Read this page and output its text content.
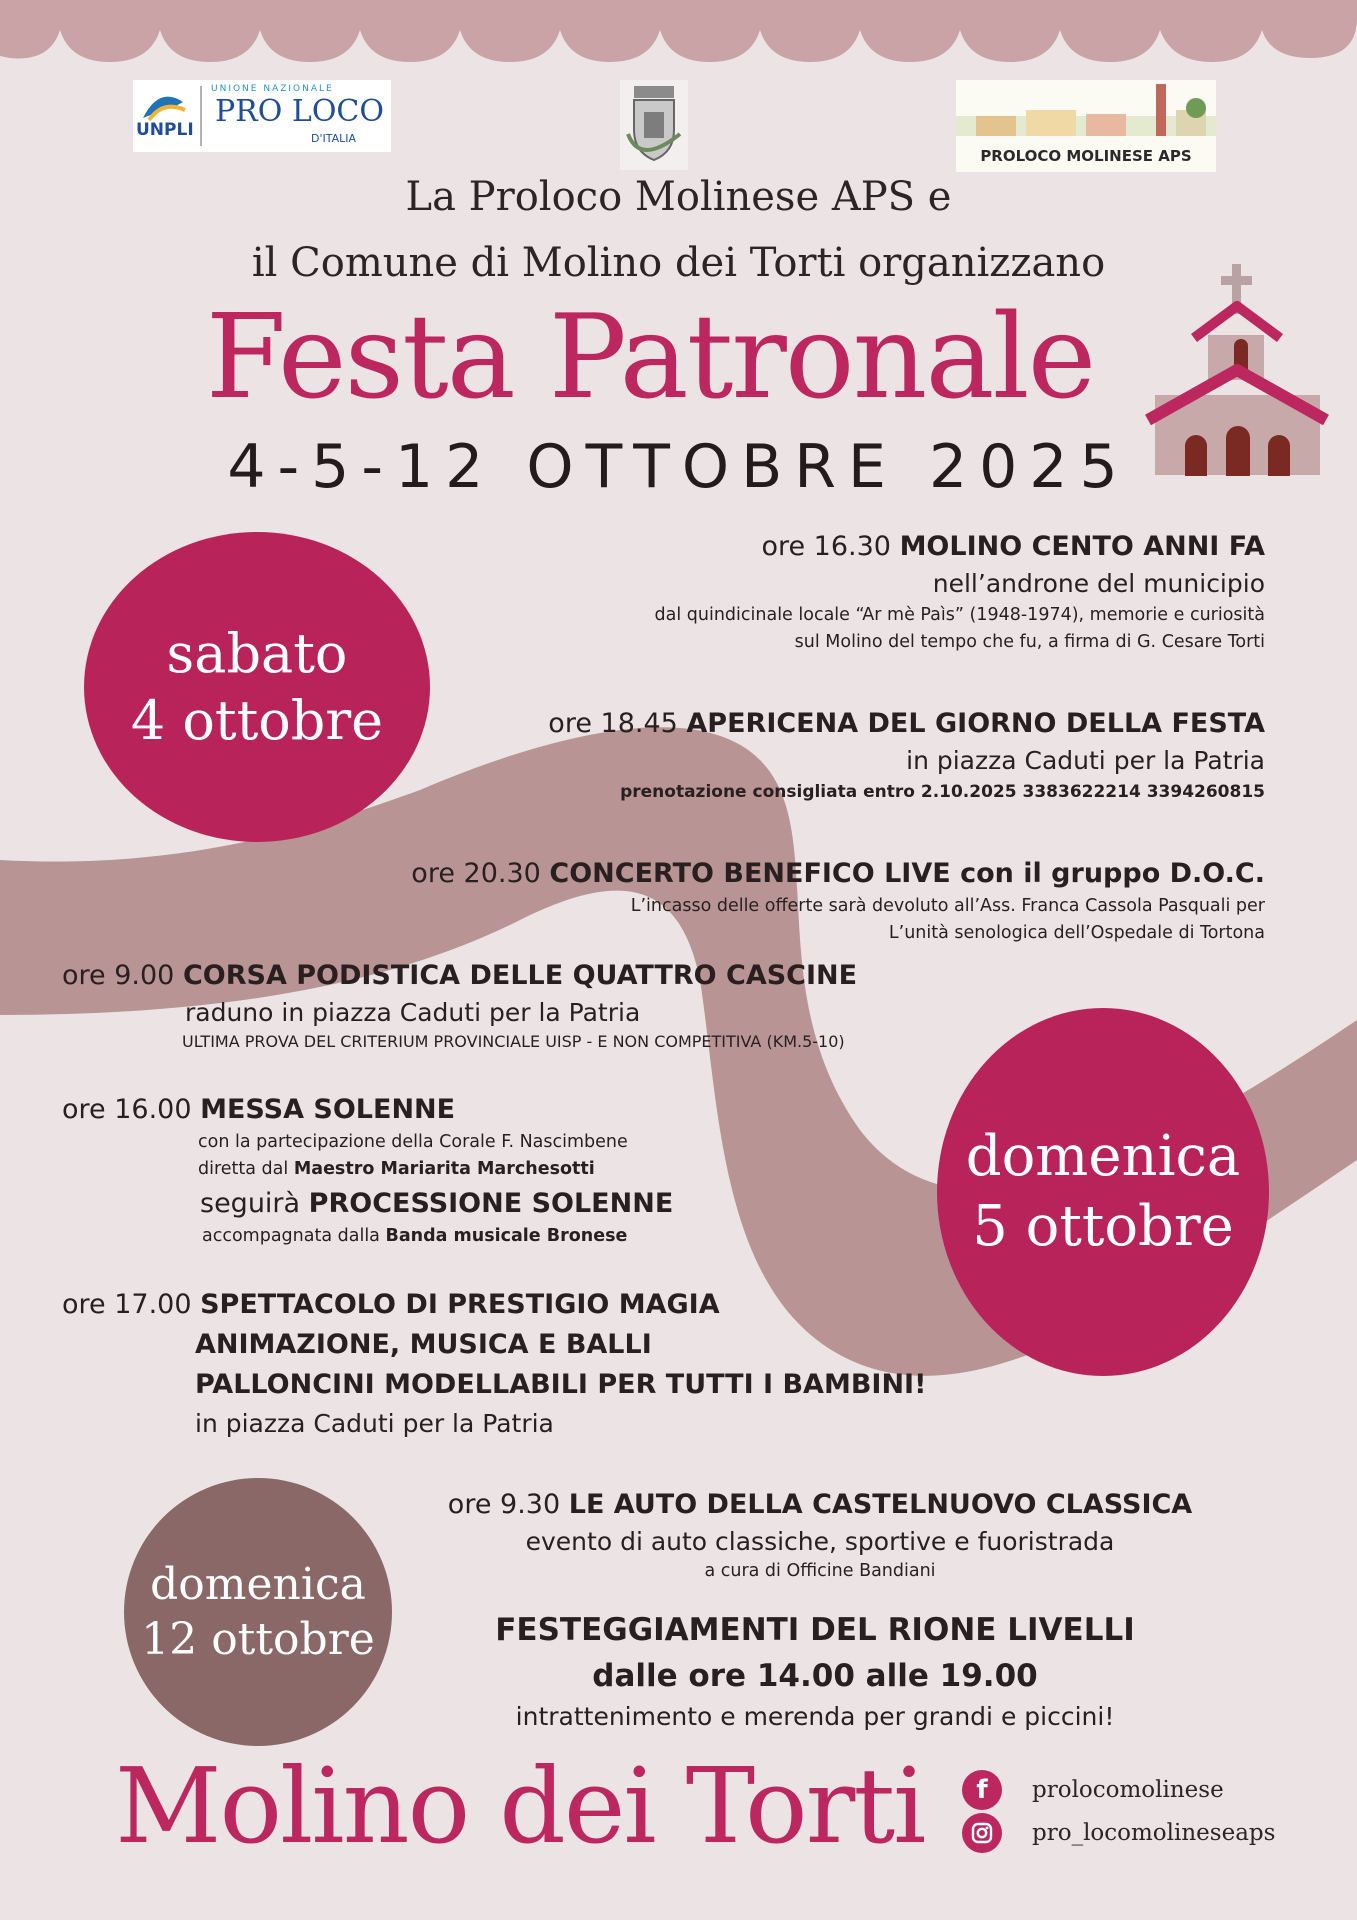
UNPLI
UNIONE NAZIONALE
PRO LOCO
D'ITALIA
PROLOCO MOLINESE APS
La Proloco Molinese APS e
il Comune di Molino dei Torti organizzano
Festa Patronale
4-5-12 OTTOBRE 2025
sabato
4 ottobre
domenica
5 ottobre
domenica
12 ottobre
ore 16.30 MOLINO CENTO ANNI FA
nell’androne del municipio
dal quindicinale locale “Ar mè Paìs” (1948-1974), memorie e curiosità
sul Molino del tempo che fu, a firma di G. Cesare Torti
ore 18.45 APERICENA DEL GIORNO DELLA FESTA
in piazza Caduti per la Patria
prenotazione consigliata entro 2.10.2025 3383622214 3394260815
ore 20.30 CONCERTO BENEFICO LIVE con il gruppo D.O.C.
L’incasso delle offerte sarà devoluto all’Ass. Franca Cassola Pasquali per
L’unità senologica dell’Ospedale di Tortona
ore 9.00 CORSA PODISTICA DELLE QUATTRO CASCINE
raduno in piazza Caduti per la Patria
ULTIMA PROVA DEL CRITERIUM PROVINCIALE UISP - E NON COMPETITIVA (KM.5-10)
ore 16.00 MESSA SOLENNE
con la partecipazione della Corale F. Nascimbene
diretta dal Maestro Mariarita Marchesotti
seguirà PROCESSIONE SOLENNE
accompagnata dalla Banda musicale Bronese
ore 17.00 SPETTACOLO DI PRESTIGIO MAGIA
ANIMAZIONE, MUSICA E BALLI
PALLONCINI MODELLABILI PER TUTTI I BAMBINI!
in piazza Caduti per la Patria
ore 9.30 LE AUTO DELLA CASTELNUOVO CLASSICA
evento di auto classiche, sportive e fuoristrada
a cura di Officine Bandiani
FESTEGGIAMENTI DEL RIONE LIVELLI
dalle ore 14.00 alle 19.00
intrattenimento e merenda per grandi e piccini!
Molino dei Torti	f	prolocomolinese
pro_locomolineseaps
